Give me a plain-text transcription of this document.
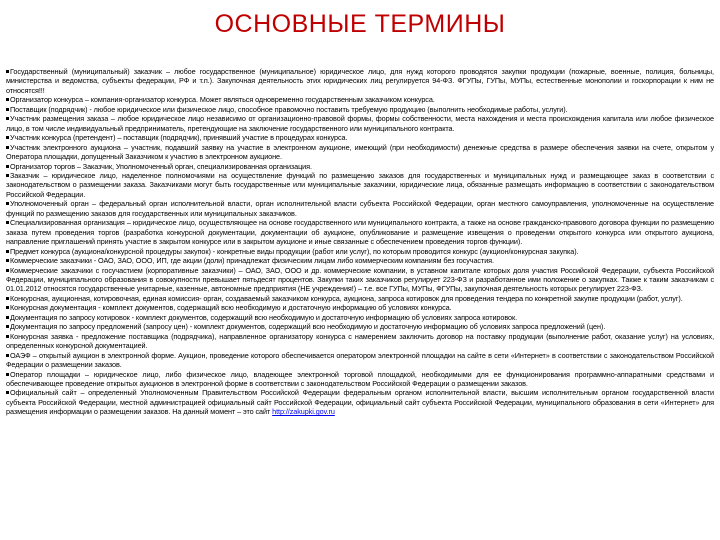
ОСНОВНЫЕ ТЕРМИНЫ

Государственный (муниципальный) заказчик – любое государственное (муниципальное) юридическое лицо, для нужд которого проводятся закупки продукции (пожарные, военные, полиция, больницы, министерства и ведомства, субъекты федерации, РФ и т.п.). Закупочная деятельность этих юридических лиц регулируется 94-ФЗ. ФГУПы, ГУПы, МУПы, естественные монополии и госкорпорации к ним не относятся!!!

Организатор конкурса – компания-организатор конкурса. Может являться одновременно государственным заказчиком конкурса.

Поставщик (подрядчик) - любое юридическое или физическое лицо, способное правомочно поставить требуемую продукцию (выполнить необходимые работы, услуги).

Участник размещения заказа – любое юридическое лицо независимо от организационно-правовой формы, формы собственности, места нахождения и места происхождения капитала или любое физическое лицо, в том числе индивидуальный предприниматель, претендующие на заключение государственного или муниципального контракта.

Участник конкурса (претендент) – поставщик (подрядчик), принявший участие в процедурах конкурса.

Участник электронного аукциона – участник, подавший заявку на участие в электронном аукционе, имеющий (при необходимости) денежные средства в размере обеспечения заявки на счете, открытом у Оператора площадки, допущенный Заказчиком к участию в электронном аукционе.

Организатор торгов – Заказчик, Уполномоченный орган, специализированная организация.

Заказчик – юридическое лицо, наделенное полномочиями на осуществление функций по размещению заказов для государственных и муниципальных нужд и размещающее заказ в соответствии с законодательством о размещении заказа. Заказчиками могут быть государственные или муниципальные заказчики, юридические лица, обязанные размещать информацию в соответствии с законодательством Российской Федерации.

Уполномоченный орган – федеральный орган исполнительной власти, орган исполнительной власти субъекта Российской Федерации, орган местного самоуправления, уполномоченные на осуществление функций по размещению заказов для государственных или муниципальных заказчиков.

Специализированная организация – юридическое лицо, осуществляющее на основе государственного или муниципального контракта, а также на основе гражданско-правового договора функции по размещению заказа путем проведения торгов (разработка конкурсной документации, документации об аукционе, опубликование и размещение извещения о проведении открытого конкурса или открытого аукциона, направление приглашений принять участие в закрытом конкурсе или в закрытом аукционе и иные связанные с обеспечением проведения торгов функции).

Предмет конкурса (аукциона/конкурсной процедуры закупок) - конкретные виды продукции (работ или услуг), по которым проводится конкурс (аукцион/конкурсная закупка).

Коммерческие заказчики - ОАО, ЗАО, ООО, ИП, где акции (доли) принадлежат физическим лицам либо коммерческим компаниям без госучастия.

Коммерческие заказчики с госучастием (корпоративные заказчики) – ОАО, ЗАО, ООО и др. коммерческие компании, в уставном капитале которых доля участия Российской Федерации, субъекта Российской Федерации, муниципального образования в совокупности превышает пятьдесят процентов. Закупки таких заказчиков регулирует 223-ФЗ и разработанное ими положение о закупках. Также к таким заказчикам с 01.01.2012 относятся государственные унитарные, казенные, автономные предприятия (НЕ учреждения!) – т.е. все ГУПы, МУПы, ФГУПы, закупочная деятельность которых регулирует 223-ФЗ.

Конкурсная, аукционная, котировочная, единая комиссия- орган, создаваемый заказчиком конкурса, аукциона, запроса котировок для проведения тендера по конкретной закупке продукции (работ, услуг).

Конкурсная документация - комплект документов, содержащий всю необходимую и достаточную информацию об условиях конкурса.

Документация по запросу котировок - комплект документов, содержащий всю необходимую и достаточную информацию об условиях запроса котировок.

Документация по запросу предложений (запросу цен) - комплект документов, содержащий всю необходимую и достаточную информацию об условиях запроса предложений (цен).

Конкурсная заявка - предложение поставщика (подрядчика), направленное организатору конкурса с намерением заключить договор на поставку продукции (выполнение работ, оказание услуг) на условиях, определенных конкурсной документацией.

ОАЭФ – открытый аукцион в электронной форме. Аукцион, проведение которого обеспечивается оператором электронной площадки на сайте в сети «Интернет» в соответствии с законодательством Российской Федерации о размещении заказов.

Оператор площадки – юридическое лицо, либо физическое лицо, владеющее электронной торговой площадкой, необходимыми для ее функционирования программно-аппаратными средствами и обеспечивающее проведение открытых аукционов в электронной форме в соответствии с законодательством Российской Федерации о размещении заказов.

Официальный сайт – определенный Уполномоченным Правительством Российской Федерации федеральным органом исполнительной власти, высшим исполнительным органом государственной власти субъекта Российской Федерации, местной администрацией официальный сайт Российской Федерации, официальный сайт субъекта Российской Федерации, муниципального образования в сети «Интернет» для размещения информации о размещении заказов. На данный момент – это сайт http://zakupki.gov.ru
